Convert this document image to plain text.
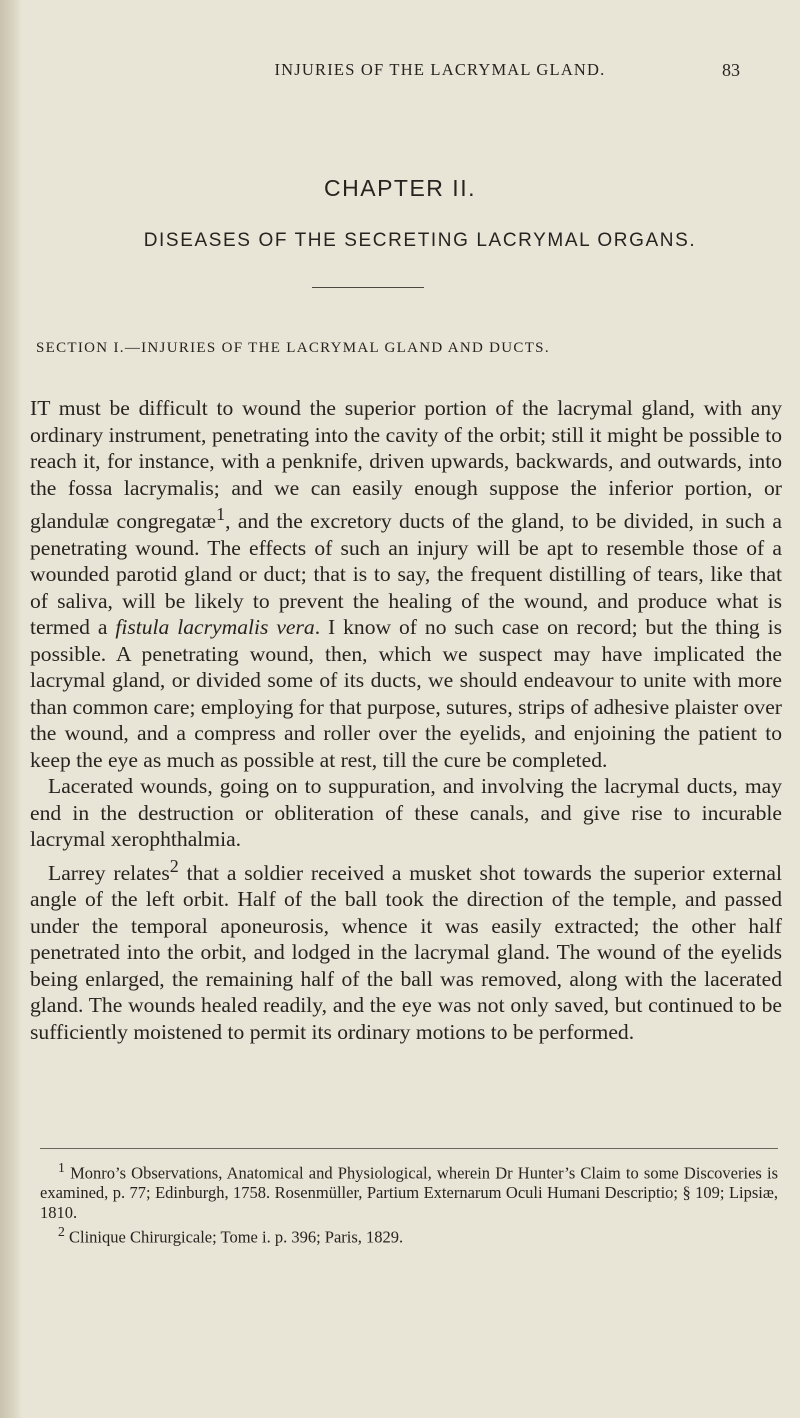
INJURIES OF THE LACRYMAL GLAND.	83
CHAPTER II.
DISEASES OF THE SECRETING LACRYMAL ORGANS.
SECTION I.—INJURIES OF THE LACRYMAL GLAND AND DUCTS.

IT must be difficult to wound the superior portion of the lacrymal gland, with any ordinary instrument, penetrating into the cavity of the orbit; still it might be possible to reach it, for instance, with a penknife, driven upwards, backwards, and outwards, into the fossa lacrymalis; and we can easily enough suppose the inferior portion, or glandulæ congregatæ$^1$, and the excretory ducts of the gland, to be divided, in such a penetrating wound. The effects of such an injury will be apt to resemble those of a wounded parotid gland or duct; that is to say, the frequent distilling of tears, like that of saliva, will be likely to prevent the healing of the wound, and produce what is termed a fistula lacrymalis vera. I know of no such case on record; but the thing is possible. A penetrating wound, then, which we suspect may have implicated the lacrymal gland, or divided some of its ducts, we should endeavour to unite with more than common care; employing for that purpose, sutures, strips of adhesive plaister over the wound, and a compress and roller over the eyelids, and enjoining the patient to keep the eye as much as possible at rest, till the cure be completed.

Lacerated wounds, going on to suppuration, and involving the lacrymal ducts, may end in the destruction or obliteration of these canals, and give rise to incurable lacrymal xerophthalmia.

Larrey relates$^2$ that a soldier received a musket shot towards the superior external angle of the left orbit. Half of the ball took the direction of the temple, and passed under the temporal aponeurosis, whence it was easily extracted; the other half penetrated into the orbit, and lodged in the lacrymal gland. The wound of the eyelids being enlarged, the remaining half of the ball was removed, along with the lacerated gland. The wounds healed readily, and the eye was not only saved, but continued to be sufficiently moistened to permit its ordinary motions to be performed.

$^1$ Monro’s Observations, Anatomical and Physiological, wherein Dr Hunter’s Claim to some Discoveries is examined, p. 77; Edinburgh, 1758. Rosenmüller, Partium Externarum Oculi Humani Descriptio; § 109; Lipsiæ, 1810.

$^2$ Clinique Chirurgicale; Tome i. p. 396; Paris, 1829.
